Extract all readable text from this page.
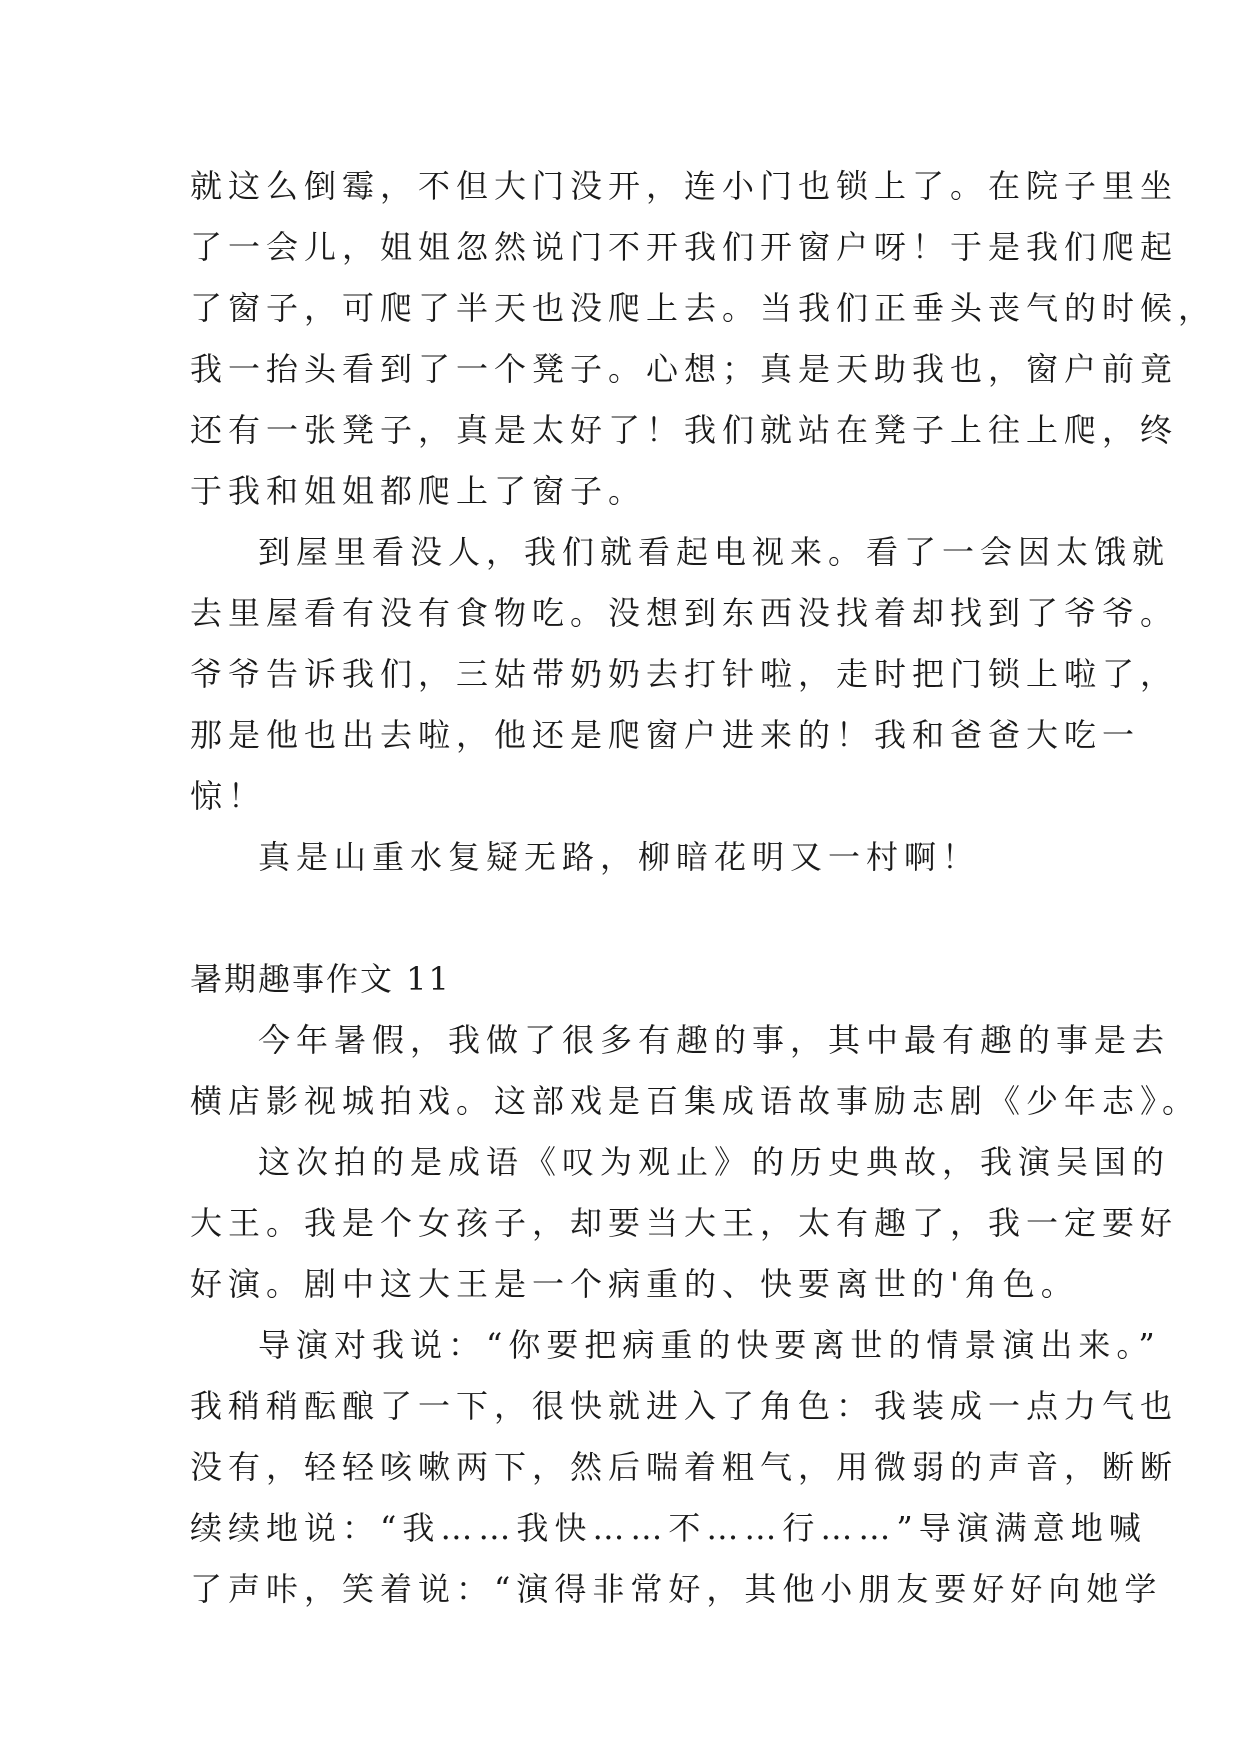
就这么倒霉，不但大门没开，连小门也锁上了。在院子里坐
了一会儿，姐姐忽然说门不开我们开窗户呀！于是我们爬起
了窗子，可爬了半天也没爬上去。当我们正垂头丧气的时候，
我一抬头看到了一个凳子。心想；真是天助我也，窗户前竟
还有一张凳子，真是太好了！我们就站在凳子上往上爬，终
于我和姐姐都爬上了窗子。
到屋里看没人，我们就看起电视来。看了一会因太饿就
去里屋看有没有食物吃。没想到东西没找着却找到了爷爷。
爷爷告诉我们，三姑带奶奶去打针啦，走时把门锁上啦了，
那是他也出去啦，他还是爬窗户进来的！我和爸爸大吃一
惊！
真是山重水复疑无路，柳暗花明又一村啊！
暑期趣事作文 11
今年暑假，我做了很多有趣的事，其中最有趣的事是去
横店影视城拍戏。这部戏是百集成语故事励志剧《少年志》。
这次拍的是成语《叹为观止》的历史典故，我演吴国的
大王。我是个女孩子，却要当大王，太有趣了，我一定要好
好演。剧中这大王是一个病重的、快要离世的'角色。
导演对我说：“你要把病重的快要离世的情景演出来。”
我稍稍酝酿了一下，很快就进入了角色：我装成一点力气也
没有，轻轻咳嗽两下，然后喘着粗气，用微弱的声音，断断
续续地说：“我……我快……不……行……”导演满意地喊
了声咔，笑着说：“演得非常好，其他小朋友要好好向她学
